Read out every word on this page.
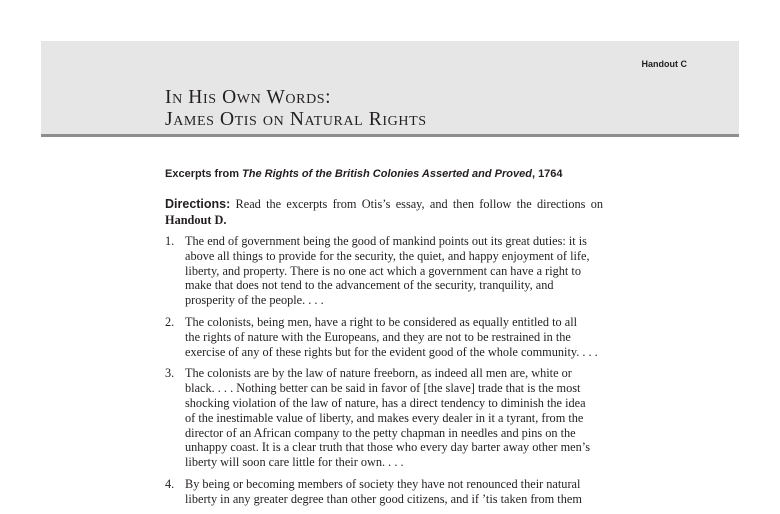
Handout C
In His Own Words:
James Otis on Natural Rights
Excerpts from The Rights of the British Colonies Asserted and Proved, 1764
Directions: Read the excerpts from Otis’s essay, and then follow the directions on Handout D.
1. The end of government being the good of mankind points out its great duties: it is
above all things to provide for the security, the quiet, and happy enjoyment of life,
liberty, and property. There is no one act which a government can have a right to
make that does not tend to the advancement of the security, tranquility, and
prosperity of the people. . . .
2. The colonists, being men, have a right to be considered as equally entitled to all
the rights of nature with the Europeans, and they are not to be restrained in the
exercise of any of these rights but for the evident good of the whole community. . . .
3. The colonists are by the law of nature freeborn, as indeed all men are, white or
black. . . . Nothing better can be said in favor of [the slave] trade that is the most
shocking violation of the law of nature, has a direct tendency to diminish the idea
of the inestimable value of liberty, and makes every dealer in it a tyrant, from the
director of an African company to the petty chapman in needles and pins on the
unhappy coast. It is a clear truth that those who every day barter away other men’s
liberty will soon care little for their own. . . .
4. By being or becoming members of society they have not renounced their natural
liberty in any greater degree than other good citizens, and if ’tis taken from them
